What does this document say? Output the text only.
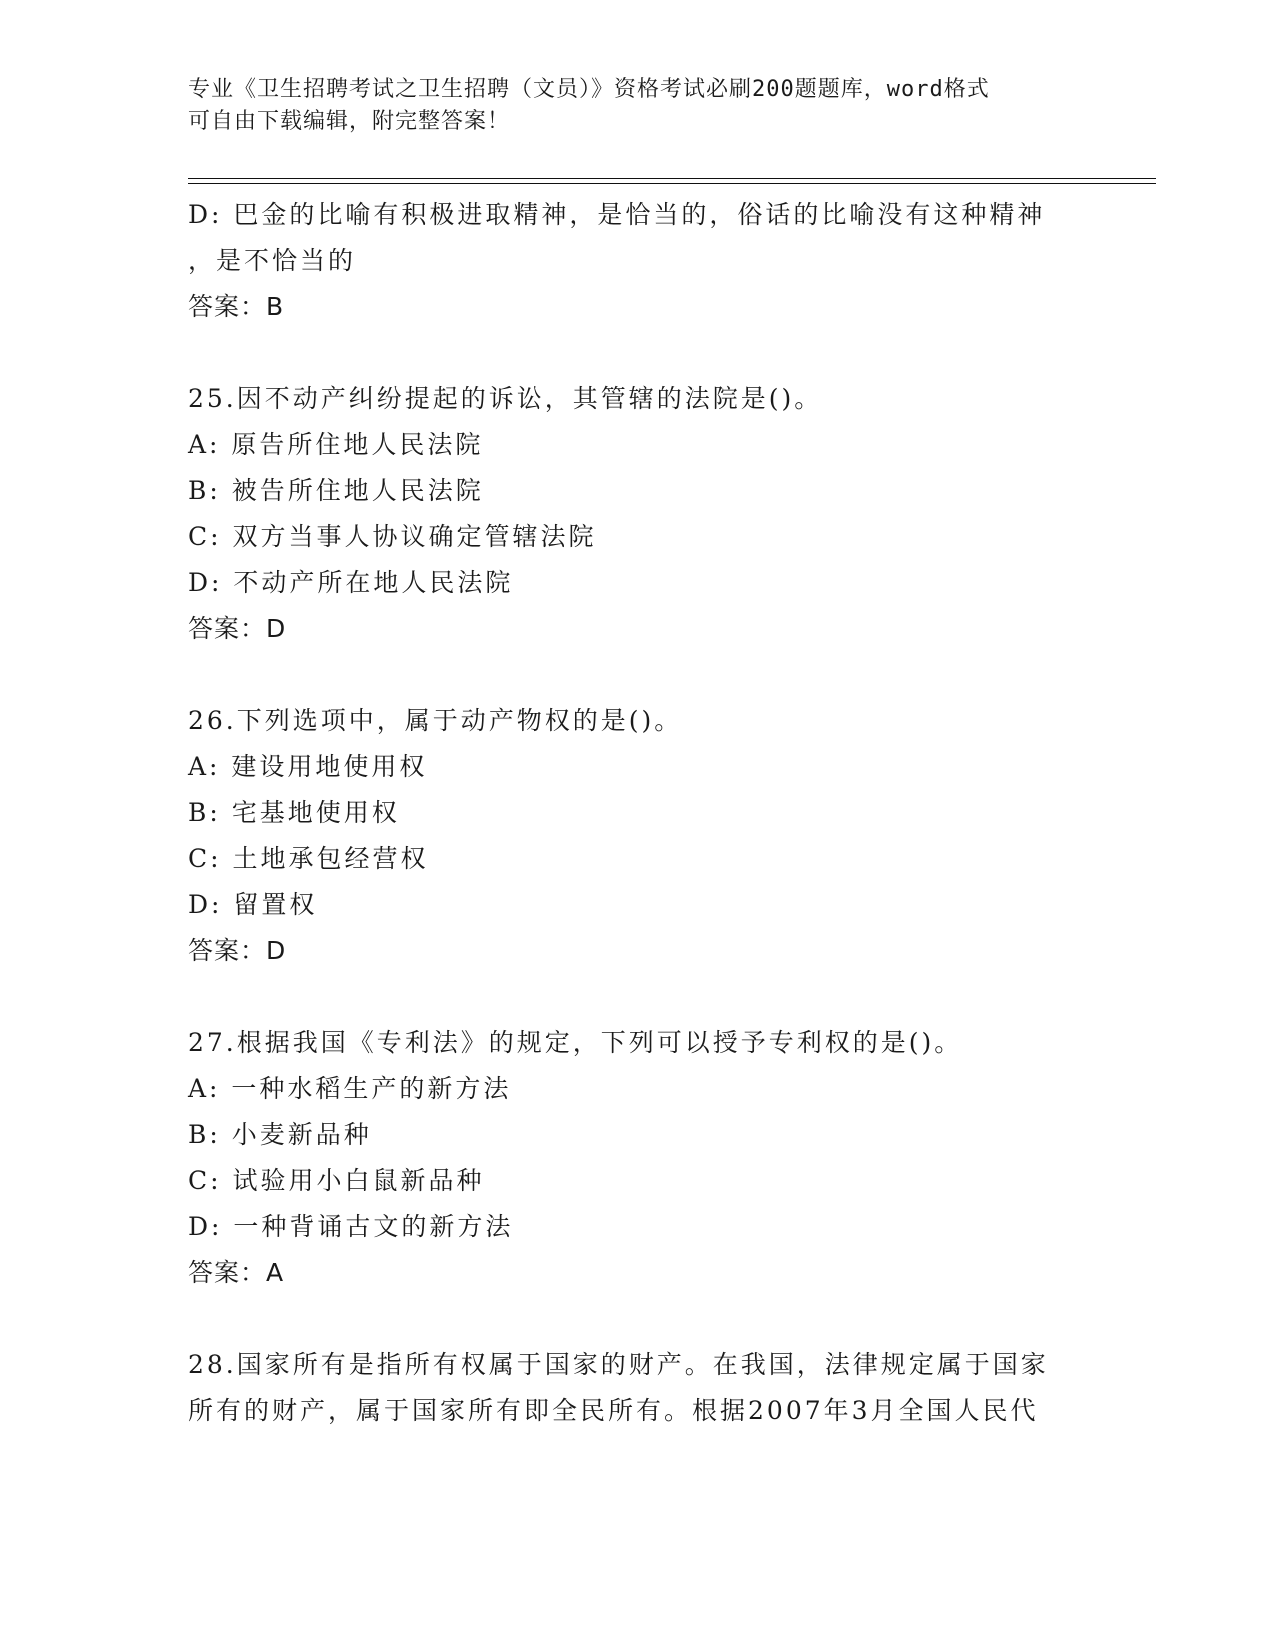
专业《卫生招聘考试之卫生招聘（文员）》资格考试必刷200题题库，word格式
可自由下载编辑，附完整答案！
D: 巴金的比喻有积极进取精神，是恰当的，俗话的比喻没有这种精神
，是不恰当的
答案：B
25.因不动产纠纷提起的诉讼，其管辖的法院是()。
A: 原告所住地人民法院
B: 被告所住地人民法院
C: 双方当事人协议确定管辖法院
D: 不动产所在地人民法院
答案：D
26.下列选项中，属于动产物权的是()。
A: 建设用地使用权
B: 宅基地使用权
C: 土地承包经营权
D: 留置权
答案：D
27.根据我国《专利法》的规定，下列可以授予专利权的是()。
A: 一种水稻生产的新方法
B: 小麦新品种
C: 试验用小白鼠新品种
D: 一种背诵古文的新方法
答案：A
28.国家所有是指所有权属于国家的财产。在我国，法律规定属于国家
所有的财产，属于国家所有即全民所有。根据2007年3月全国人民代
